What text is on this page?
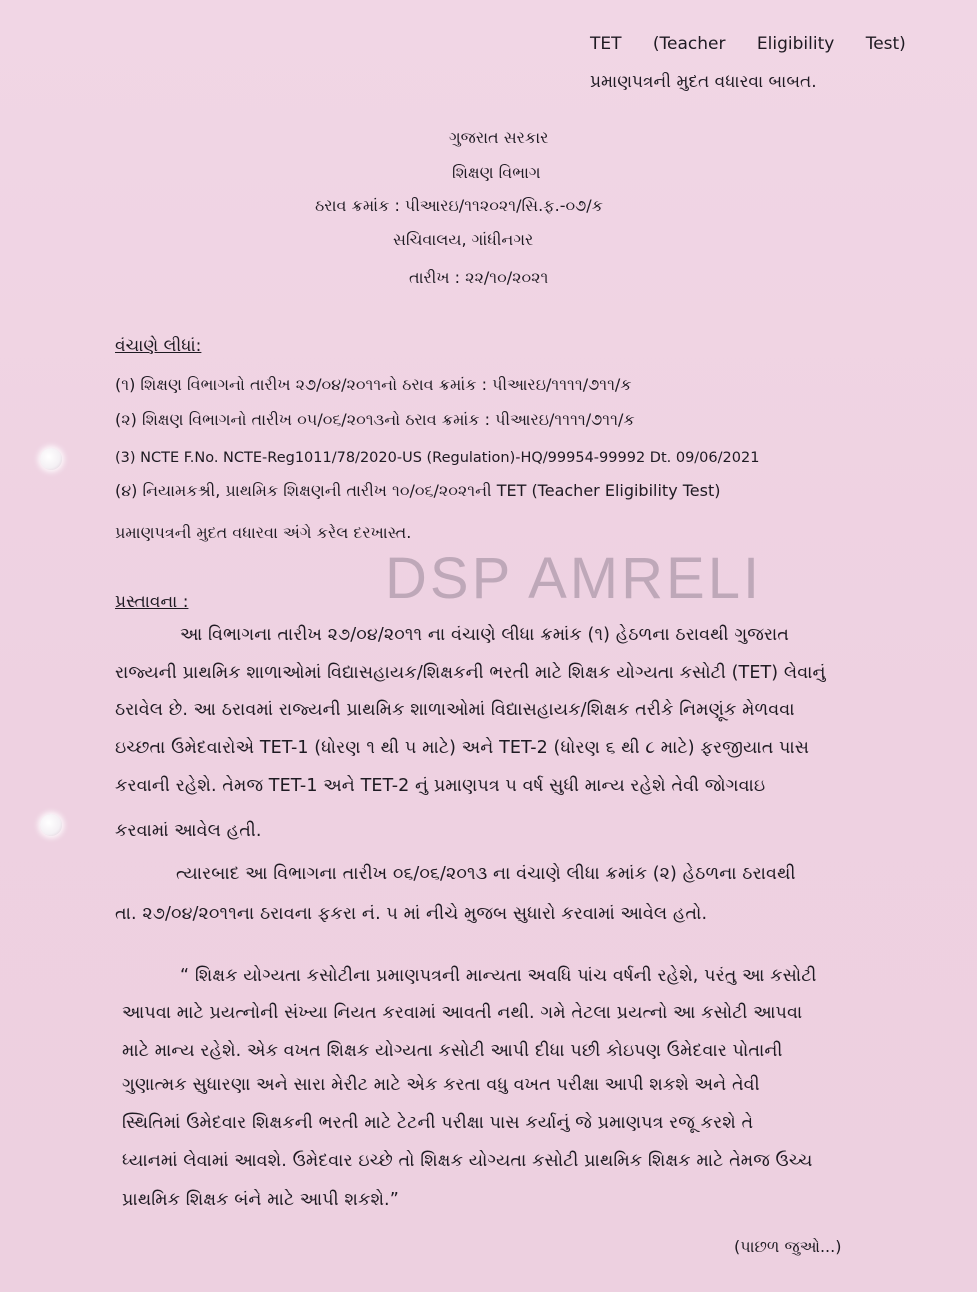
TET (Teacher Eligibility Test)
પ્રમાણપત્રની મુદત વધારવા બાબત.
ગુજરાત સરકાર
શિક્ષણ વિભાગ
ઠરાવ ક્રમાંક : પીઆરઇ/૧૧૨૦૨૧/સિ.ફ.-૦૭/ક
સચિવાલય, ગાંધીનગર
તારીખ : ૨૨/૧૦/૨૦૨૧
વંચાણે લીધાં:
(૧) શિક્ષણ વિભાગનો તારીખ ૨૭/૦૪/૨૦૧૧નો ઠરાવ ક્રમાંક : પીઆરઇ/૧૧૧૧/૭૧૧/ક
(૨) શિક્ષણ વિભાગનો તારીખ ૦૫/૦૬/૨૦૧૩નો ઠરાવ ક્રમાંક : પીઆરઇ/૧૧૧૧/૭૧૧/ક
(3) NCTE F.No. NCTE-Reg1011/78/2020-US (Regulation)-HQ/99954-99992 Dt. 09/06/2021
(૪) નિયામકશ્રી, પ્રાથમિક શિક્ષણની તારીખ ૧૦/૦૬/૨૦૨૧ની TET (Teacher Eligibility Test)
પ્રમાણપત્રની મુદત વધારવા અંગે કરેલ દરખાસ્ત.
DSP AMRELI
પ્રસ્તાવના :
આ વિભાગના તારીખ ૨૭/૦૪/૨૦૧૧ ના વંચાણે લીધા ક્રમાંક (૧) હેઠળના ઠરાવથી ગુજરાત
રાજ્યની પ્રાથમિક શાળાઓમાં વિદ્યાસહાયક/શિક્ષકની ભરતી માટે શિક્ષક યોગ્યતા કસોટી (TET) લેવાનું
ઠરાવેલ છે. આ ઠરાવમાં રાજ્યની પ્રાથમિક શાળાઓમાં વિદ્યાસહાયક/શિક્ષક તરીકે નિમણૂંક મેળવવા
ઇચ્છતા ઉમેદવારોએ TET-1 (ધોરણ ૧ થી ૫ માટે) અને TET-2 (ધોરણ ૬ થી ૮ માટે) ફરજીયાત પાસ
કરવાની રહેશે. તેમજ TET-1 અને TET-2 નું પ્રમાણપત્ર ૫ વર્ષ સુધી માન્ય રહેશે તેવી જોગવાઇ
કરવામાં આવેલ હતી.
ત્યારબાદ આ વિભાગના તારીખ ૦૬/૦૬/૨૦૧૩ ના વંચાણે લીધા ક્રમાંક (૨) હેઠળના ઠરાવથી
તા. ૨૭/૦૪/૨૦૧૧ના ઠરાવના ફકરા નં. ૫ માં નીચે મુજબ સુધારો કરવામાં આવેલ હતો.
“ શિક્ષક યોગ્યતા કસોટીના પ્રમાણપત્રની માન્યતા અવધિ પાંચ વર્ષની રહેશે, પરંતુ આ કસોટી
આપવા માટે પ્રયત્નોની સંખ્યા નિયત કરવામાં આવતી નથી. ગમે તેટલા પ્રયત્નો આ કસોટી આપવા
માટે માન્ય રહેશે. એક વખત શિક્ષક યોગ્યતા કસોટી આપી દીધા પછી કોઇપણ ઉમેદવાર પોતાની
ગુણાત્મક સુધારણા અને સારા મેરીટ માટે એક કરતા વધુ વખત પરીક્ષા આપી શકશે અને તેવી
સ્થિતિમાં ઉમેદવાર શિક્ષકની ભરતી માટે ટેટની પરીક્ષા પાસ કર્યાનું જે પ્રમાણપત્ર રજૂ કરશે તે
ધ્યાનમાં લેવામાં આવશે. ઉમેદવાર ઇચ્છે તો શિક્ષક યોગ્યતા કસોટી પ્રાથમિક શિક્ષક માટે તેમજ ઉચ્ચ
પ્રાથમિક શિક્ષક બંને માટે આપી શકશે.”
(પાછળ જુઓ...)
